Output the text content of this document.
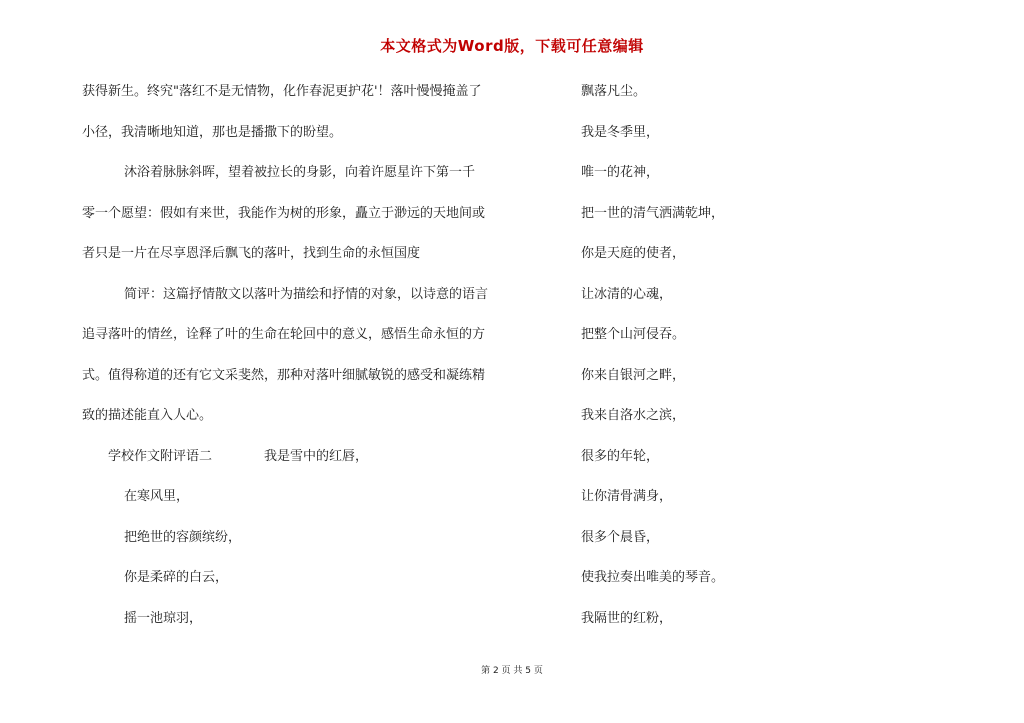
本文格式为Word版，下载可任意编辑
获得新生。终究"落红不是无情物，化作春泥更护花'！落叶慢慢掩盖了
小径，我清晰地知道，那也是播撒下的盼望。
沐浴着脉脉斜晖，望着被拉长的身影，向着许愿星许下第一千
零一个愿望：假如有来世，我能作为树的形象，矗立于渺远的天地间或
者只是一片在尽享恩泽后飘飞的落叶，找到生命的永恒国度
简评：这篇抒情散文以落叶为描绘和抒情的对象，以诗意的语言
追寻落叶的情丝，诠释了叶的生命在轮回中的意义，感悟生命永恒的方
式。值得称道的还有它文采斐然，那种对落叶细腻敏锐的感受和凝练精
致的描述能直入人心。
学校作文附评语二	我是雪中的红唇，
在寒风里，
把绝世的容颜缤纷，
你是柔碎的白云，
摇一池琼羽，
飘落凡尘。
我是冬季里，
唯一的花神，
把一世的清气洒满乾坤，
你是天庭的使者，
让冰清的心魂，
把整个山河侵吞。
你来自银河之畔，
我来自洛水之滨，
很多的年轮，
让你清骨满身，
很多个晨昏，
使我拉奏出唯美的琴音。
我隔世的红粉，
第 2 页 共 5 页
